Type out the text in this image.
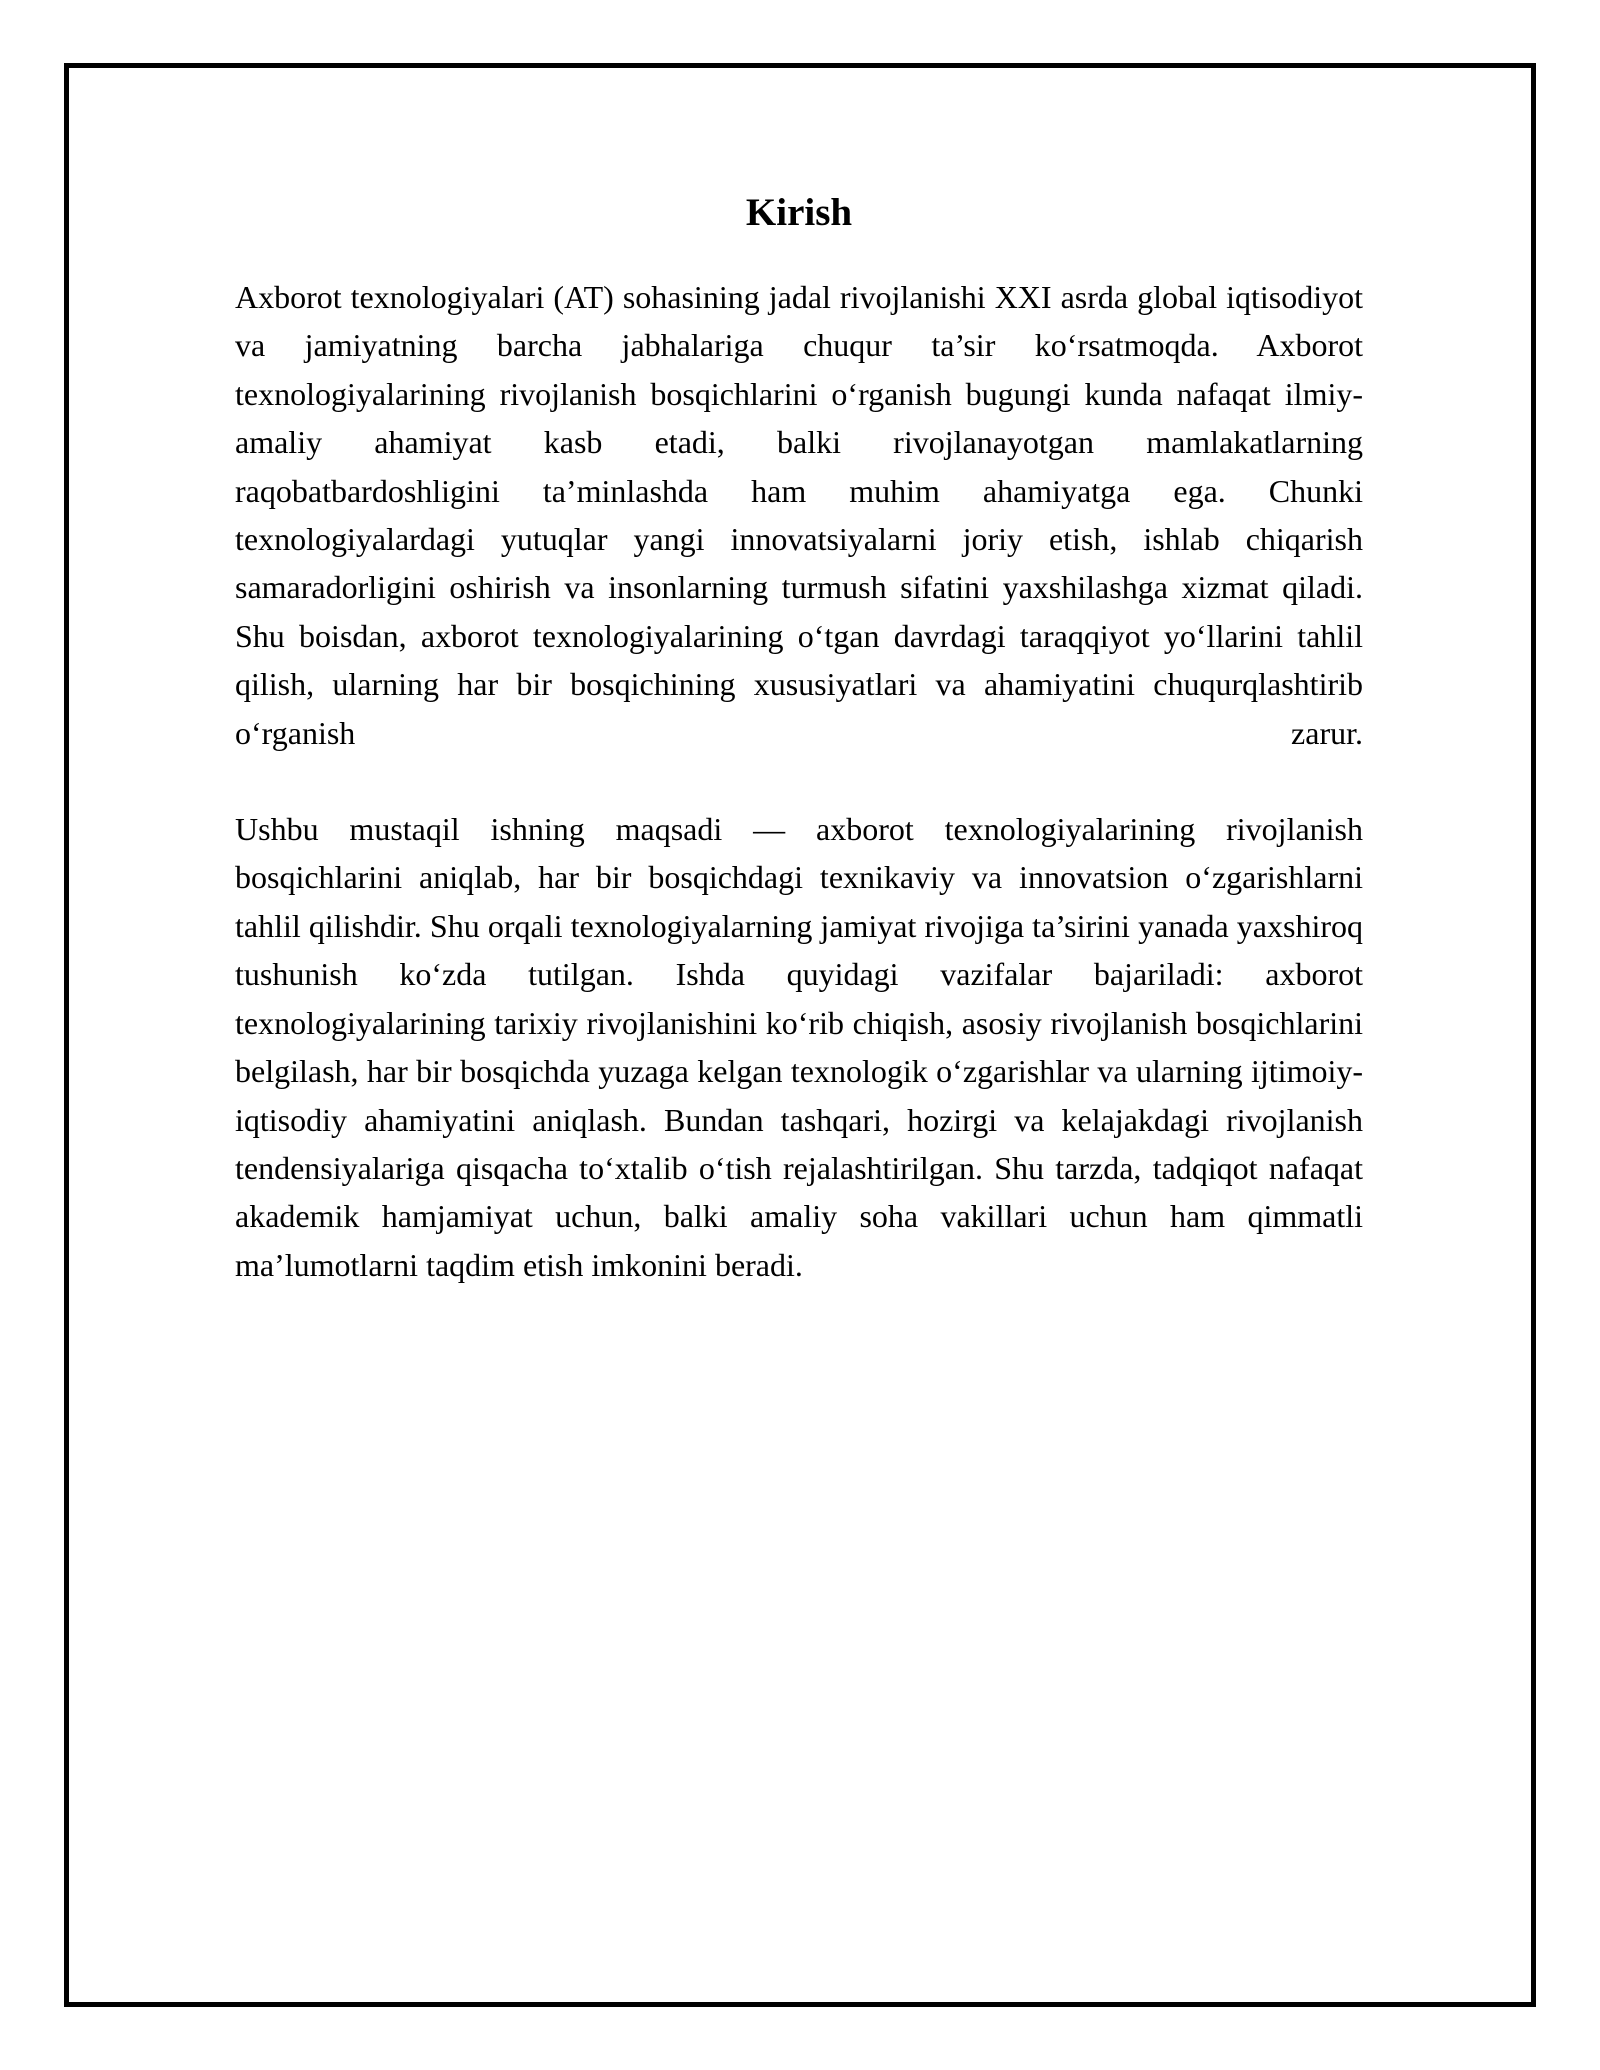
Kirish

Axborot texnologiyalari (AT) sohasining jadal rivojlanishi XXI asrda global iqtisodiyot va jamiyatning barcha jabhalariga chuqur ta’sir ko‘rsatmoqda. Axborot texnologiyalarining rivojlanish bosqichlarini o‘rganish bugungi kunda nafaqat ilmiy-amaliy ahamiyat kasb etadi, balki rivojlanayotgan mamlakatlarning raqobatbardoshligini ta’minlashda ham muhim ahamiyatga ega. Chunki texnologiyalardagi yutuqlar yangi innovatsiyalarni joriy etish, ishlab chiqarish samaradorligini oshirish va insonlarning turmush sifatini yaxshilashga xizmat qiladi. Shu boisdan, axborot texnologiyalarining o‘tgan davrdagi taraqqiyot yo‘llarini tahlil qilish, ularning har bir bosqichining xususiyatlari va ahamiyatini chuqurqlashtirib o‘rganish zarur.

Ushbu mustaqil ishning maqsadi — axborot texnologiyalarining rivojlanish bosqichlarini aniqlab, har bir bosqichdagi texnikaviy va innovatsion o‘zgarishlarni tahlil qilishdir. Shu orqali texnologiyalarning jamiyat rivojiga ta’sirini yanada yaxshiroq tushunish ko‘zda tutilgan. Ishda quyidagi vazifalar bajariladi: axborot texnologiyalarining tarixiy rivojlanishini ko‘rib chiqish, asosiy rivojlanish bosqichlarini belgilash, har bir bosqichda yuzaga kelgan texnologik o‘zgarishlar va ularning ijtimoiy-iqtisodiy ahamiyatini aniqlash. Bundan tashqari, hozirgi va kelajakdagi rivojlanish tendensiyalariga qisqacha to‘xtalib o‘tish rejalashtirilgan. Shu tarzda, tadqiqot nafaqat akademik hamjamiyat uchun, balki amaliy soha vakillari uchun ham qimmatli ma’lumotlarni taqdim etish imkonini beradi.
